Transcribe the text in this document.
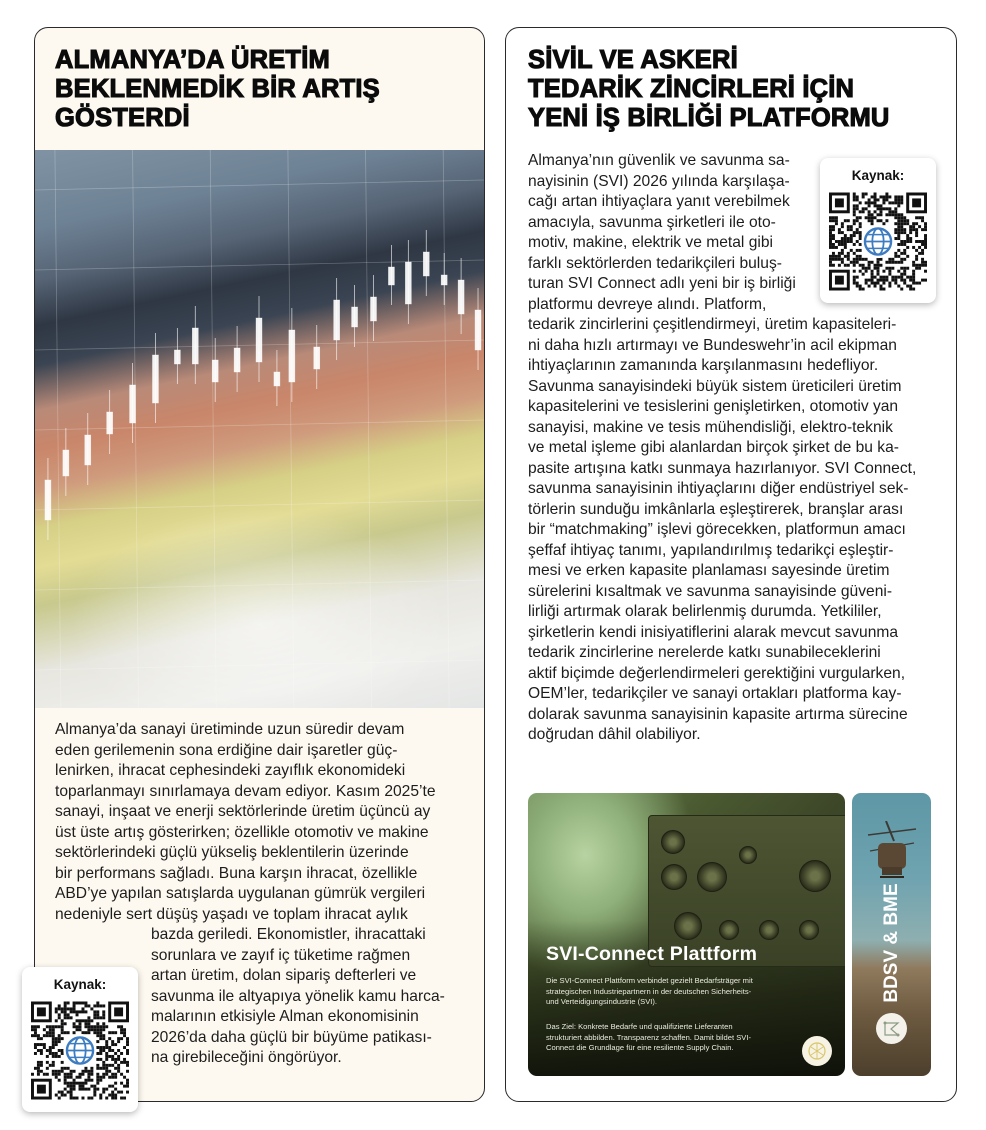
ALMANYA’DA ÜRETİM
BEKLENMEDİK BİR ARTIŞ
GÖSTERDİ
Almanya’da sanayi üretiminde uzun süredir devam
eden gerilemenin sona erdiğine dair işaretler güç-
lenirken, ihracat cephesindeki zayıflık ekonomideki
toparlanmayı sınırlamaya devam ediyor. Kasım 2025’te
sanayi, inşaat ve enerji sektörlerinde üretim üçüncü ay
üst üste artış gösterirken; özellikle otomotiv ve makine
sektörlerindeki güçlü yükseliş beklentilerin üzerinde
bir performans sağladı. Buna karşın ihracat, özellikle
ABD’ye yapılan satışlarda uygulanan gümrük vergileri
nedeniyle sert düşüş yaşadı ve toplam ihracat aylık
bazda geriledi. Ekonomistler, ihracattaki
sorunlara ve zayıf iç tüketime rağmen
artan üretim, dolan sipariş defterleri ve
savunma ile altyapıya yönelik kamu harca-
malarının etkisiyle Alman ekonomisinin
2026’da daha güçlü bir büyüme patikası-
na girebileceğini öngörüyor.
Kaynak:
SİVİL VE ASKERİ
TEDARİK ZİNCİRLERİ İÇİN
YENİ İŞ BİRLİĞİ PLATFORMU
Almanya’nın güvenlik ve savunma sa-
nayisinin (SVI) 2026 yılında karşılaşa-
cağı artan ihtiyaçlara yanıt verebilmek
amacıyla, savunma şirketleri ile oto-
motiv, makine, elektrik ve metal gibi
farklı sektörlerden tedarikçileri buluş-
turan SVI Connect adlı yeni bir iş birliği
platformu devreye alındı. Platform,
tedarik zincirlerini çeşitlendirmeyi, üretim kapasiteleri-
ni daha hızlı artırmayı ve Bundeswehr’in acil ekipman
ihtiyaçlarının zamanında karşılanmasını hedefliyor.
Savunma sanayisindeki büyük sistem üreticileri üretim
kapasitelerini ve tesislerini genişletirken, otomotiv yan
sanayisi, makine ve tesis mühendisliği, elektro-teknik
ve metal işleme gibi alanlardan birçok şirket de bu ka-
pasite artışına katkı sunmaya hazırlanıyor. SVI Connect,
savunma sanayisinin ihtiyaçlarını diğer endüstriyel sek-
törlerin sunduğu imkânlarla eşleştirerek, branşlar arası
bir “matchmaking” işlevi görecekken, platformun amacı
şeffaf ihtiyaç tanımı, yapılandırılmış tedarikçi eşleştir-
mesi ve erken kapasite planlaması sayesinde üretim
sürelerini kısaltmak ve savunma sanayisinde güveni-
lirliği artırmak olarak belirlenmiş durumda. Yetkililer,
şirketlerin kendi inisiyatiflerini alarak mevcut savunma
tedarik zincirlerine nerelerde katkı sunabileceklerini
aktif biçimde değerlendirmeleri gerektiğini vurgularken,
OEM’ler, tedarikçiler ve sanayi ortakları platforma kay-
dolarak savunma sanayisinin kapasite artırma sürecine
doğrudan dâhil olabiliyor.
Kaynak:
SVI-Connect Plattform
Die SVI-Connect Plattform verbindet gezielt Bedarfsträger mit
strategischen Industriepartnern in der deutschen Sicherheits-
und Verteidigungsindustrie (SVI).
Das Ziel: Konkrete Bedarfe und qualifizierte Lieferanten
strukturiert abbilden. Transparenz schaffen. Damit bildet SVI-
Connect die Grundlage für eine resiliente Supply Chain.
BDSV & BME
